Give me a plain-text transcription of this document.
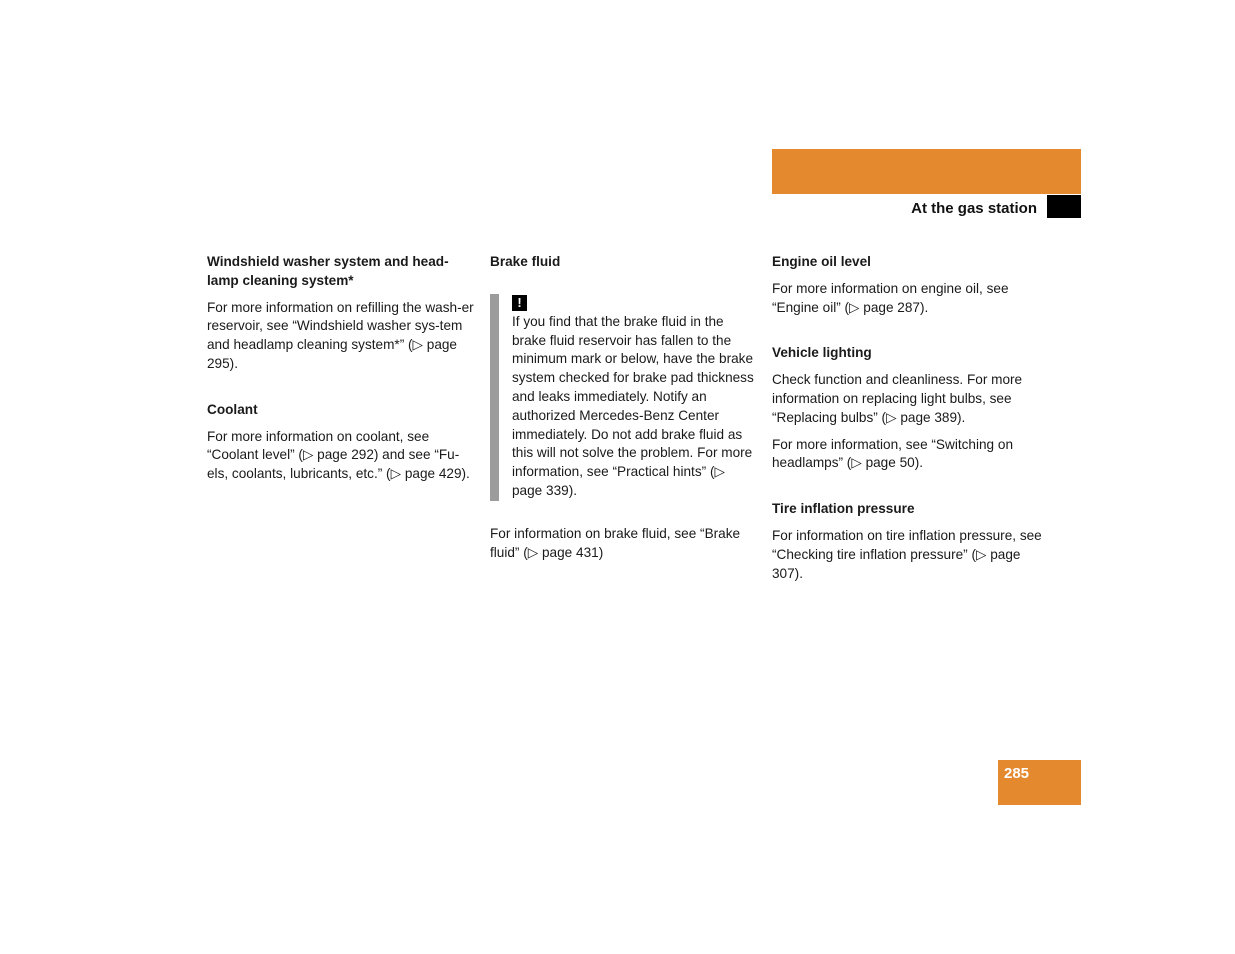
Operation
At the gas station
Windshield washer system and head-lamp cleaning system*
For more information on refilling the wash-er reservoir, see “Windshield washer sys-tem and headlamp cleaning system*” (▷ page 295).
Coolant
For more information on coolant, see “Coolant level” (▷ page 292) and see “Fu-els, coolants, lubricants, etc.” (▷ page 429).
Brake fluid
!
If you find that the brake fluid in the brake fluid reservoir has fallen to the minimum mark or below, have the brake system checked for brake pad thickness and leaks immediately. Notify an authorized Mercedes-Benz Center immediately. Do not add brake fluid as this will not solve the problem. For more information, see “Practical hints” (▷ page 339).
For information on brake fluid, see “Brake fluid” (▷ page 431)
Engine oil level
For more information on engine oil, see “Engine oil” (▷ page 287).
Vehicle lighting
Check function and cleanliness. For more information on replacing light bulbs, see “Replacing bulbs” (▷ page 389).
For more information, see “Switching on headlamps” (▷ page 50).
Tire inflation pressure
For information on tire inflation pressure, see “Checking tire inflation pressure” (▷ page 307).
285
